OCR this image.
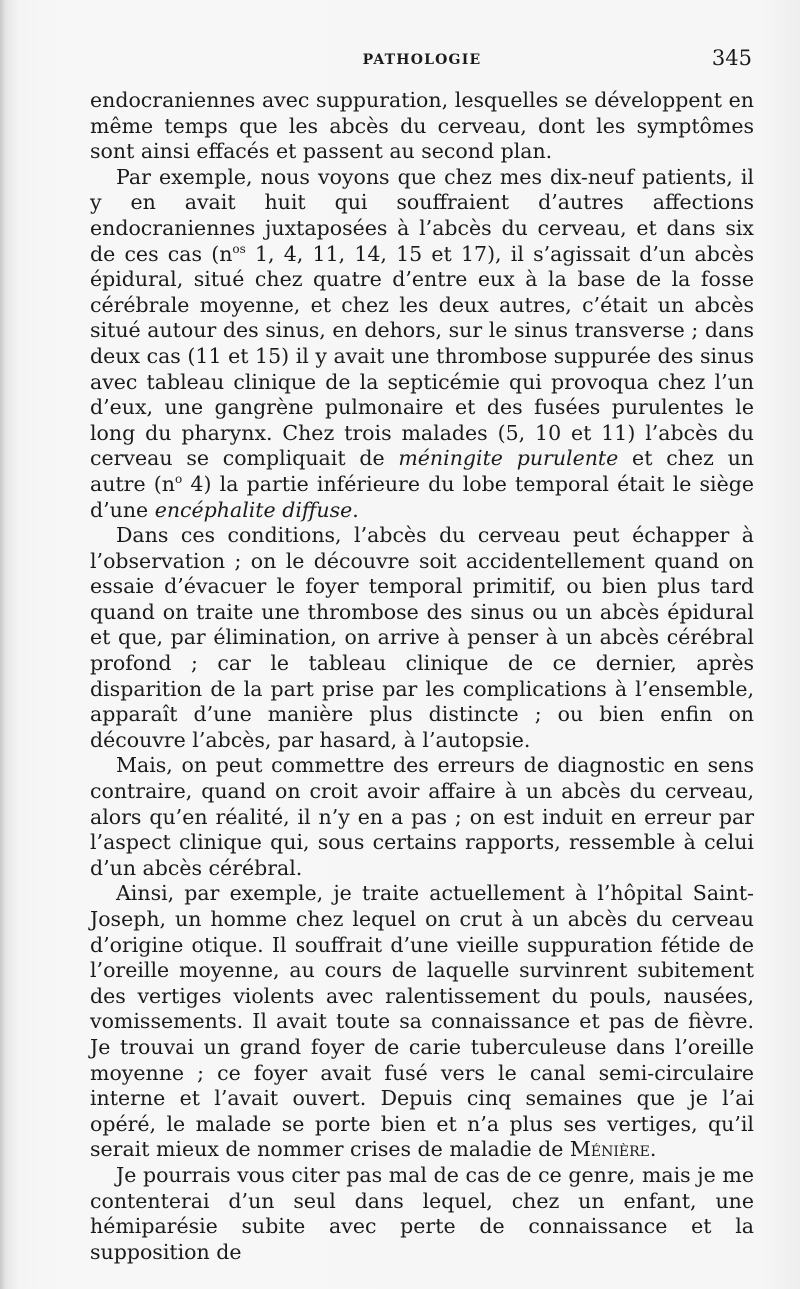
PATHOLOGIE	345

endocraniennes avec suppuration, lesquelles se développent en même temps que les abcès du cerveau, dont les symptômes sont ainsi effacés et passent au second plan.

Par exemple, nous voyons que chez mes dix-neuf patients, il y en avait huit qui souffraient d’autres affections endocraniennes juxtaposées à l’abcès du cerveau, et dans six de ces cas ($n^{os}$ 1, 4, 11, 14, 15 et 17), il s’agissait d’un abcès épidural, situé chez quatre d’entre eux à la base de la fosse cérébrale moyenne, et chez les deux autres, c’était un abcès situé autour des sinus, en dehors, sur le sinus transverse ; dans deux cas (11 et 15) il y avait une thrombose suppurée des sinus avec tableau clinique de la septicémie qui provoqua chez l’un d’eux, une gangrène pulmonaire et des fusées purulentes le long du pharynx. Chez trois malades (5, 10 et 11) l’abcès du cerveau se compliquait de méningite purulente et chez un autre ($n^o$ 4) la partie inférieure du lobe temporal était le siège d’une encéphalite diffuse.

Dans ces conditions, l’abcès du cerveau peut échapper à l’observation ; on le découvre soit accidentellement quand on essaie d’évacuer le foyer temporal primitif, ou bien plus tard quand on traite une thrombose des sinus ou un abcès épidural et que, par élimination, on arrive à penser à un abcès cérébral profond ; car le tableau clinique de ce dernier, après disparition de la part prise par les complications à l’ensemble, apparaît d’une manière plus distincte ; ou bien enfin on découvre l’abcès, par hasard, à l’autopsie.

Mais, on peut commettre des erreurs de diagnostic en sens contraire, quand on croit avoir affaire à un abcès du cerveau, alors qu’en réalité, il n’y en a pas ; on est induit en erreur par l’aspect clinique qui, sous certains rapports, ressemble à celui d’un abcès cérébral.

Ainsi, par exemple, je traite actuellement à l’hôpital Saint-Joseph, un homme chez lequel on crut à un abcès du cerveau d’origine otique. Il souffrait d’une vieille suppuration fétide de l’oreille moyenne, au cours de laquelle survinrent subitement des vertiges violents avec ralentissement du pouls, nausées, vomissements. Il avait toute sa connaissance et pas de fièvre. Je trouvai un grand foyer de carie tuberculeuse dans l’oreille moyenne ; ce foyer avait fusé vers le canal semi-circulaire interne et l’avait ouvert. Depuis cinq semaines que je l’ai opéré, le malade se porte bien et n’a plus ses vertiges, qu’il serait mieux de nommer crises de maladie de Ménière.

Je pourrais vous citer pas mal de cas de ce genre, mais je me contenterai d’un seul dans lequel, chez un enfant, une hémiparésie subite avec perte de connaissance et la supposition de
